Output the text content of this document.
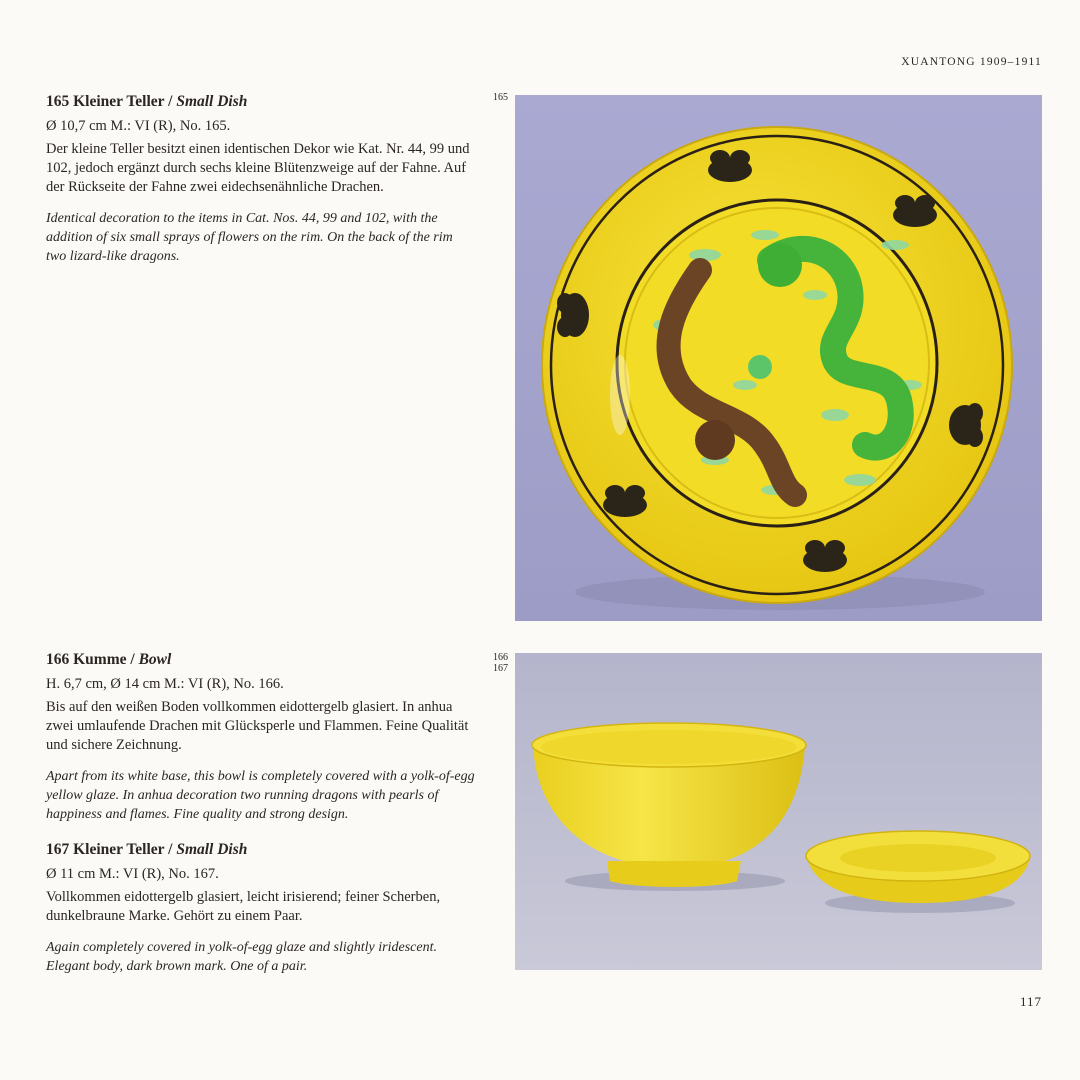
XUANTONG 1909–1911
165 Kleiner Teller / Small Dish

Ø 10,7 cm M.: VI (R), No. 165.

Der kleine Teller besitzt einen identischen Dekor wie Kat. Nr. 44, 99 und 102, jedoch ergänzt durch sechs kleine Blütenzweige auf der Fahne. Auf der Rückseite der Fahne zwei eidechsenähnliche Drachen.

Identical decoration to the items in Cat. Nos. 44, 99 and 102, with the addition of six small sprays of flowers on the rim. On the back of the rim two lizard-like dragons.

166 Kumme / Bowl

H. 6,7 cm, Ø 14 cm M.: VI (R), No. 166.

Bis auf den weißen Boden vollkommen eidottergelb glasiert. In anhua zwei umlaufende Drachen mit Glücksperle und Flammen. Feine Qualität und sichere Zeichnung.

Apart from its white base, this bowl is completely covered with a yolk-of-egg yellow glaze. In anhua decoration two running dragons with pearls of happiness and flames. Fine quality and strong design.

167 Kleiner Teller / Small Dish

Ø 11 cm M.: VI (R), No. 167.

Vollkommen eidottergelb glasiert, leicht irisierend; feiner Scherben, dunkelbraune Marke. Gehört zu einem Paar.

Again completely covered in yolk-of-egg glaze and slightly iridescent. Elegant body, dark brown mark. One of a pair.

165
166
167
117
